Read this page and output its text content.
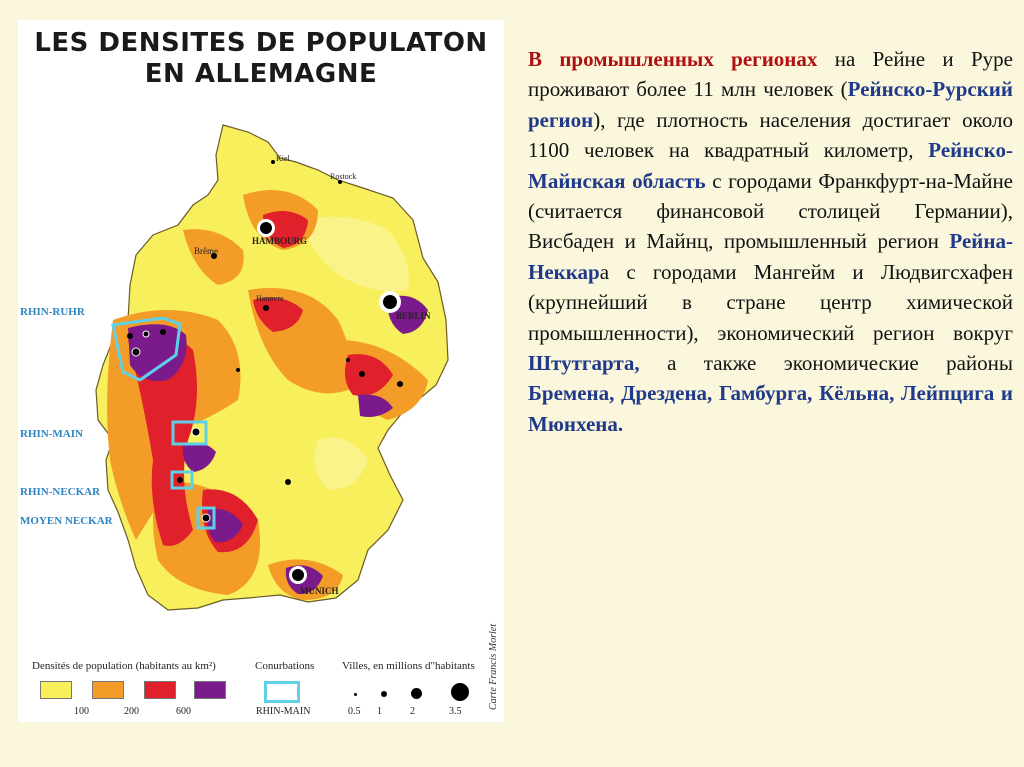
LES DENSITES DE POPULATON
EN ALLEMAGNE
RHIN-RUHR
RHIN-MAIN
RHIN-NECKAR
MOYEN NECKAR
HAMBOURG
BERLIN
MUNICH
Brême
Hanovre
Kiel
Rostock
Densités de population (habitants au km²)	Conurbations	Villes, en millions d"habitants
100	200	600	RHIN-MAIN	0.5 1	2	3.5
Carte Francis Morlet
В промышленных регионах на Рейне и Руре проживают более 11 млн человек (Рейнско-Рурский регион), где плотность населения достигает около 1100 человек на квадратный километр, Рейнско-Майнская область с городами Франкфурт-на-Майне (считается финансовой столицей Германии), Висбаден и Майнц, промышленный регион Рейна-Неккара с городами Мангейм и Людвигсхафен (крупнейший в стране центр химической промышленности), экономический регион вокруг Штутгарта, а также экономические районы Бремена, Дрездена, Гамбурга, Кёльна, Лейпцига и Мюнхена.
